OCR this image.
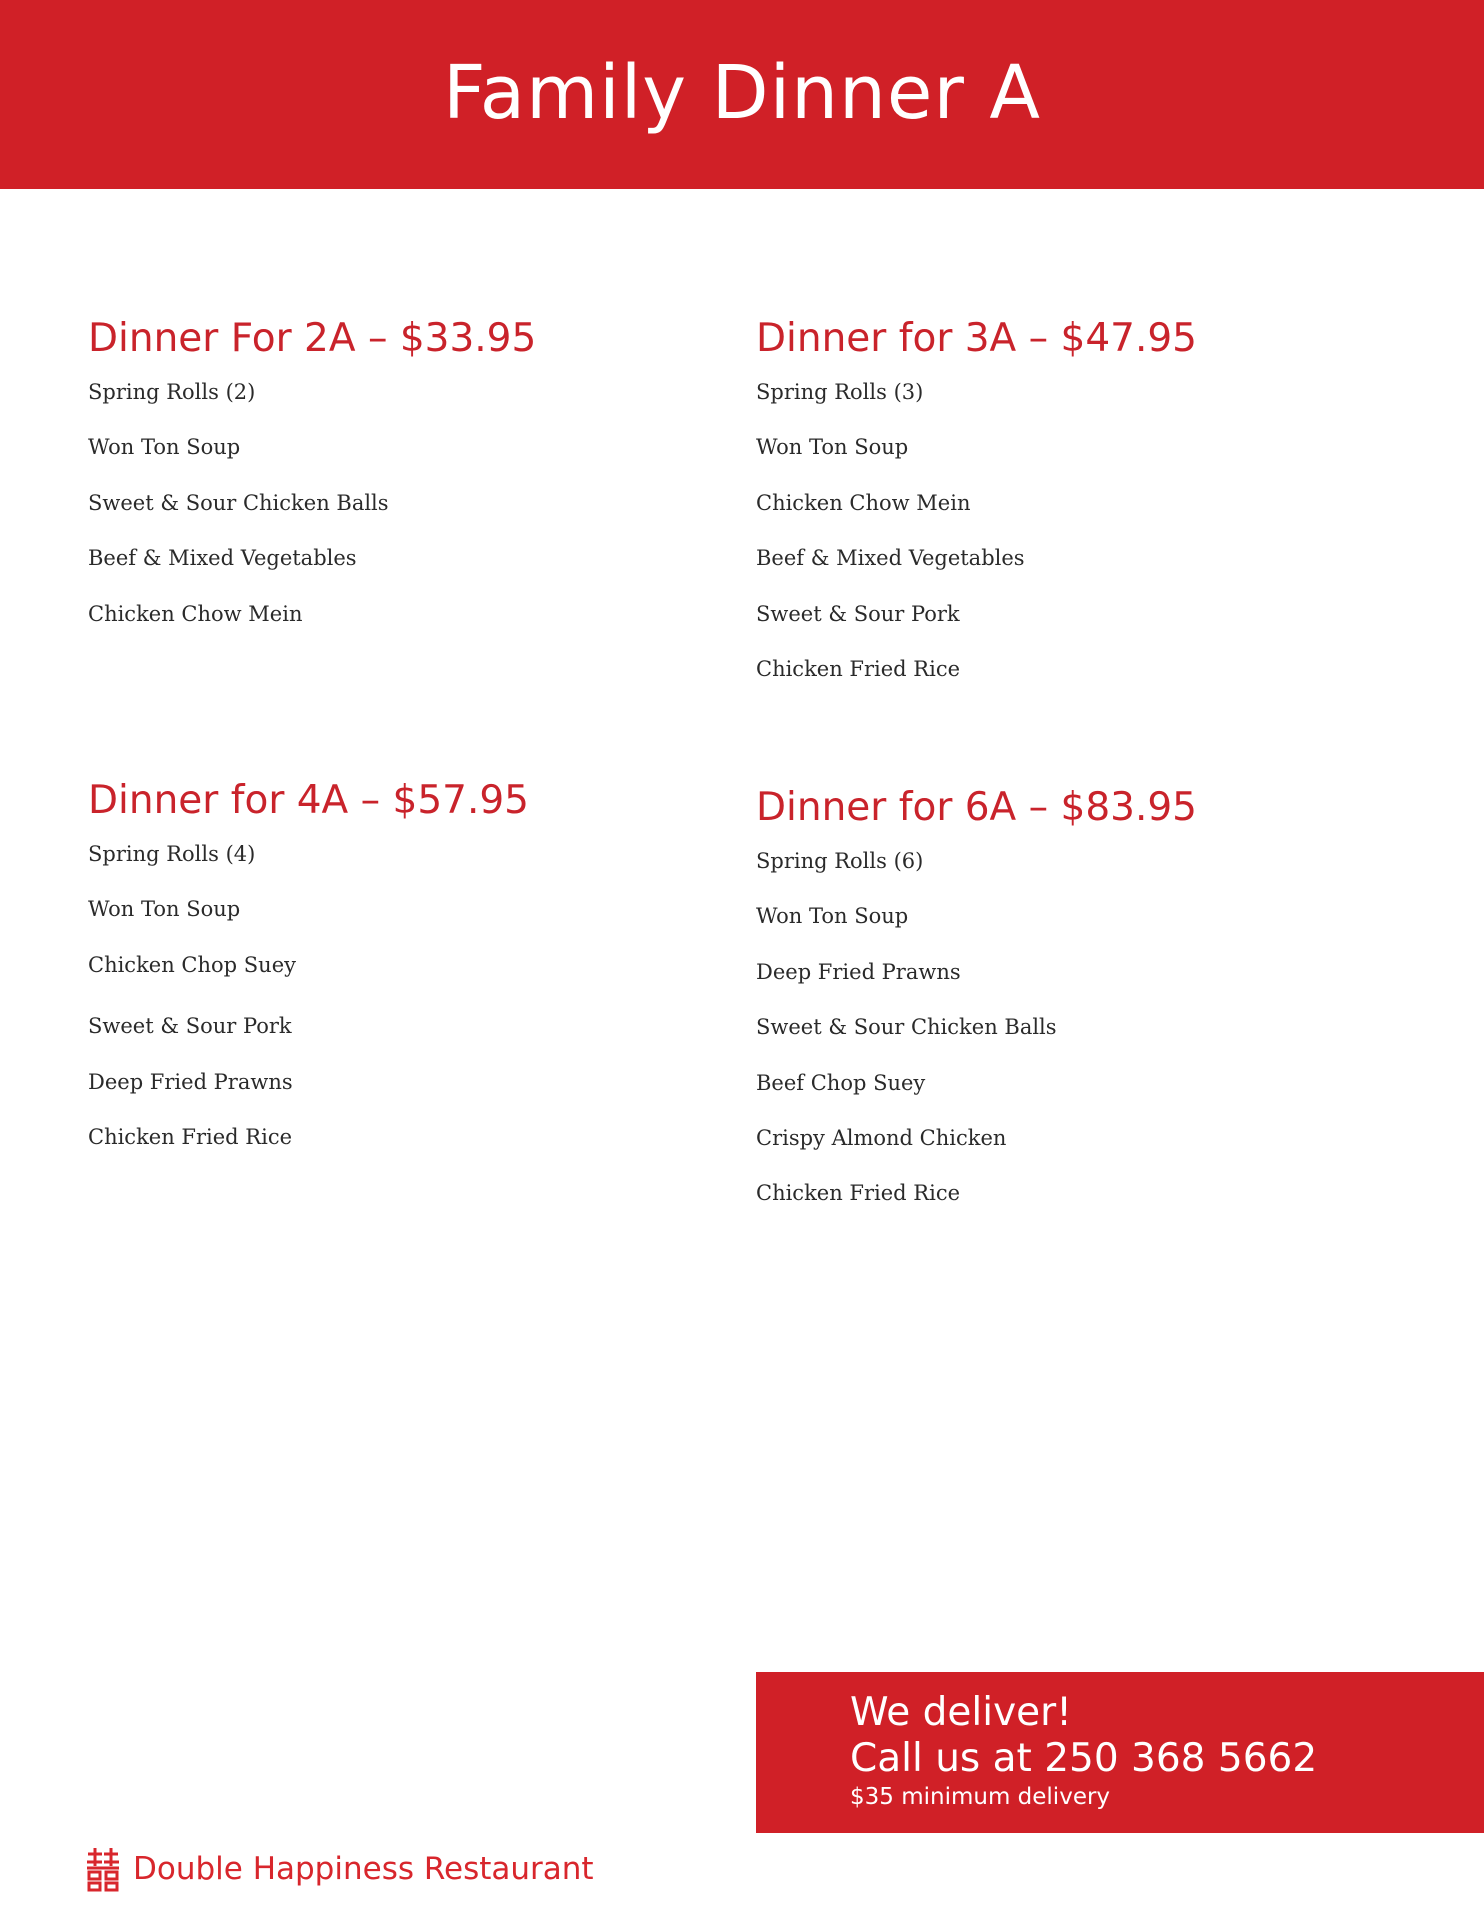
Family Dinner A
Dinner For 2A – $33.95
Spring Rolls (2)
Won Ton Soup
Sweet & Sour Chicken Balls
Beef & Mixed Vegetables
Chicken Chow Mein
Dinner for 3A – $47.95
Spring Rolls (3)
Won Ton Soup
Chicken Chow Mein
Beef & Mixed Vegetables
Sweet & Sour Pork
Chicken Fried Rice
Dinner for 4A – $57.95
Spring Rolls (4)
Won Ton Soup
Chicken Chop Suey
Sweet & Sour Pork
Deep Fried Prawns
Chicken Fried Rice
Dinner for 6A – $83.95
Spring Rolls (6)
Won Ton Soup
Deep Fried Prawns
Sweet & Sour Chicken Balls
Beef Chop Suey
Crispy Almond Chicken
Chicken Fried Rice
We deliver!
Call us at 250 368 5662
$35 minimum delivery
Double Happiness Restaurant
